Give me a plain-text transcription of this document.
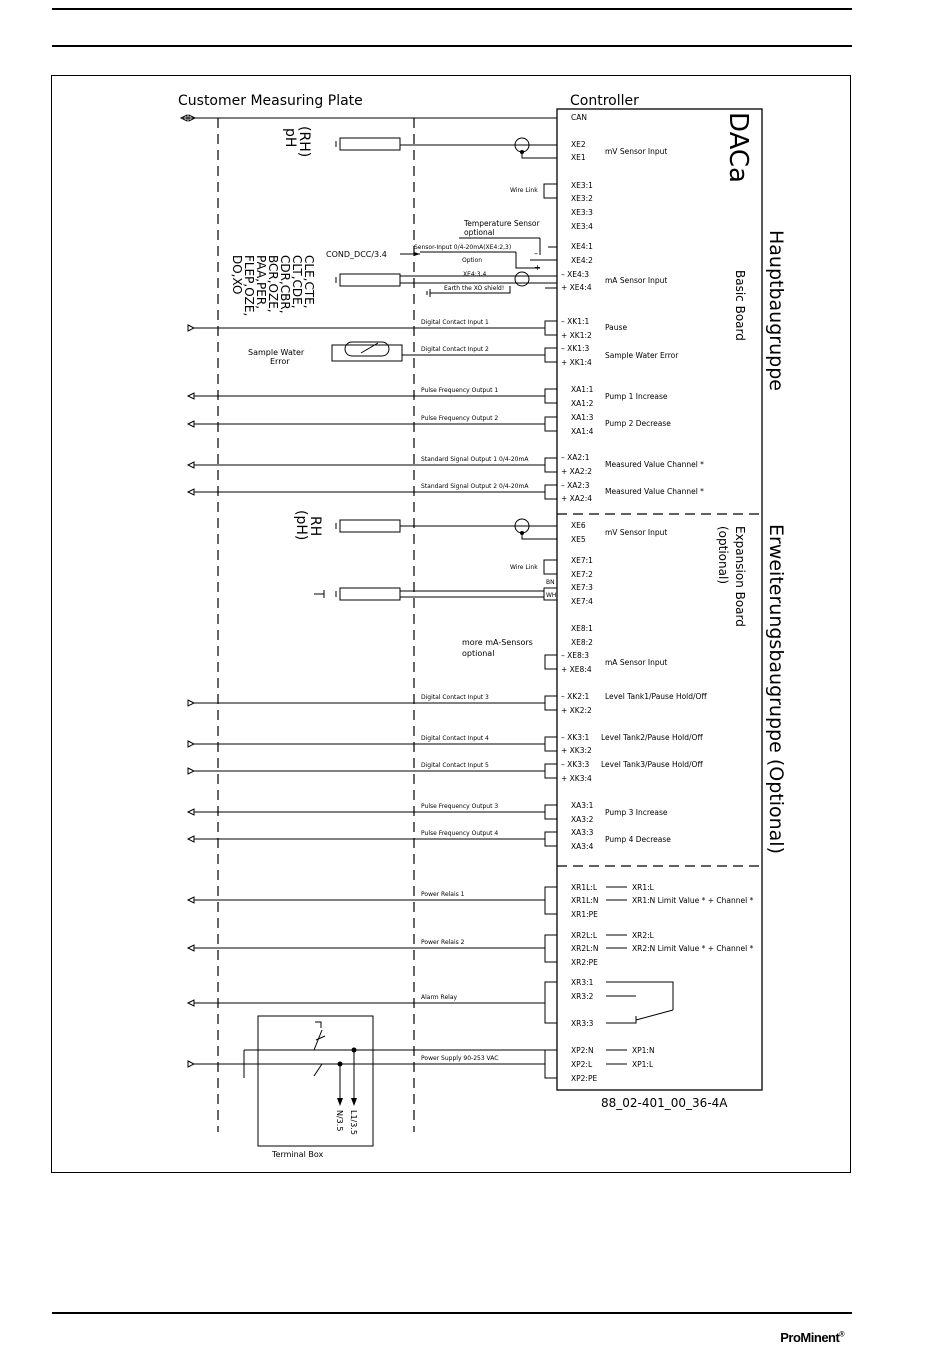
Customer Measuring Plate	Controller
DACa
Basic Board
Expansion Board
(optional)
Hauptbaugruppe
Erweiterungsbaugruppe (Optional)
pH
(RH)
Wire Link
Temperature Sensor
optional
CLE,CTE,
CLT,CDE,
CDR,CBR,
BCR,OZE,
PAA,PER,
FLEP,OZE,
DO,XO
COND_DCC/3.4
Sensor-Input 0/4-20mA(XE4:2,3)
–
+
Option
XE4:3,4
Earth the XO shield!
Digital Contact Input 1
Sample Water
Error
Digital Contact Input 2
Pulse Frequency Output 1
Pulse Frequency Output 2
Standard Signal Output 1 0/4-20mA
Standard Signal Output 2 0/4-20mA
RH
(pH)
Wire Link
BN
WH
more mA-Sensors
optional
Digital Contact Input 3
Digital Contact Input 4
Digital Contact Input 5
Pulse Frequency Output 3
Pulse Frequency Output 4
Power Relais 1
Power Relais 2
Alarm Relay
Power Supply 90-253 VAC
Terminal Box
L1/3.5
N/3.5
88_02-401_00_36-4A
CAN
XE2
XE1
XE3:1
XE3:2
XE3:3
XE3:4
XE4:1
XE4:2
– XE4:3
+ XE4:4
– XK1:1
+ XK1:2
– XK1:3
+ XK1:4
XA1:1
XA1:2
XA1:3
XA1:4
– XA2:1
+ XA2:2
– XA2:3
+ XA2:4
XE6
XE5
XE7:1
XE7:2
XE7:3
XE7:4
XE8:1
XE8:2
– XE8:3
+ XE8:4
– XK2:1
+ XK2:2
– XK3:1
+ XK3:2
– XK3:3
+ XK3:4
XA3:1
XA3:2
XA3:3
XA3:4
XR1L:L
XR1L:N
XR1:PE
XR2L:L
XR2L:N
XR2:PE
XR3:1
XR3:2
XR3:3
XP2:N
XP2:L
XP2:PE
mV Sensor Input
mA Sensor Input
Pause
Sample Water Error
Pump 1 Increase
Pump 2 Decrease
Measured Value Channel *
Measured Value Channel *
mV Sensor Input
mA Sensor Input
Level Tank1/Pause Hold/Off
Level Tank2/Pause Hold/Off
Level Tank3/Pause Hold/Off
Pump 3 Increase
Pump 4 Decrease
XR1:L
XR1:N Limit Value * + Channel *
XR2:L
XR2:N Limit Value * + Channel *
XP1:N
XP1:L
ProMinent®
